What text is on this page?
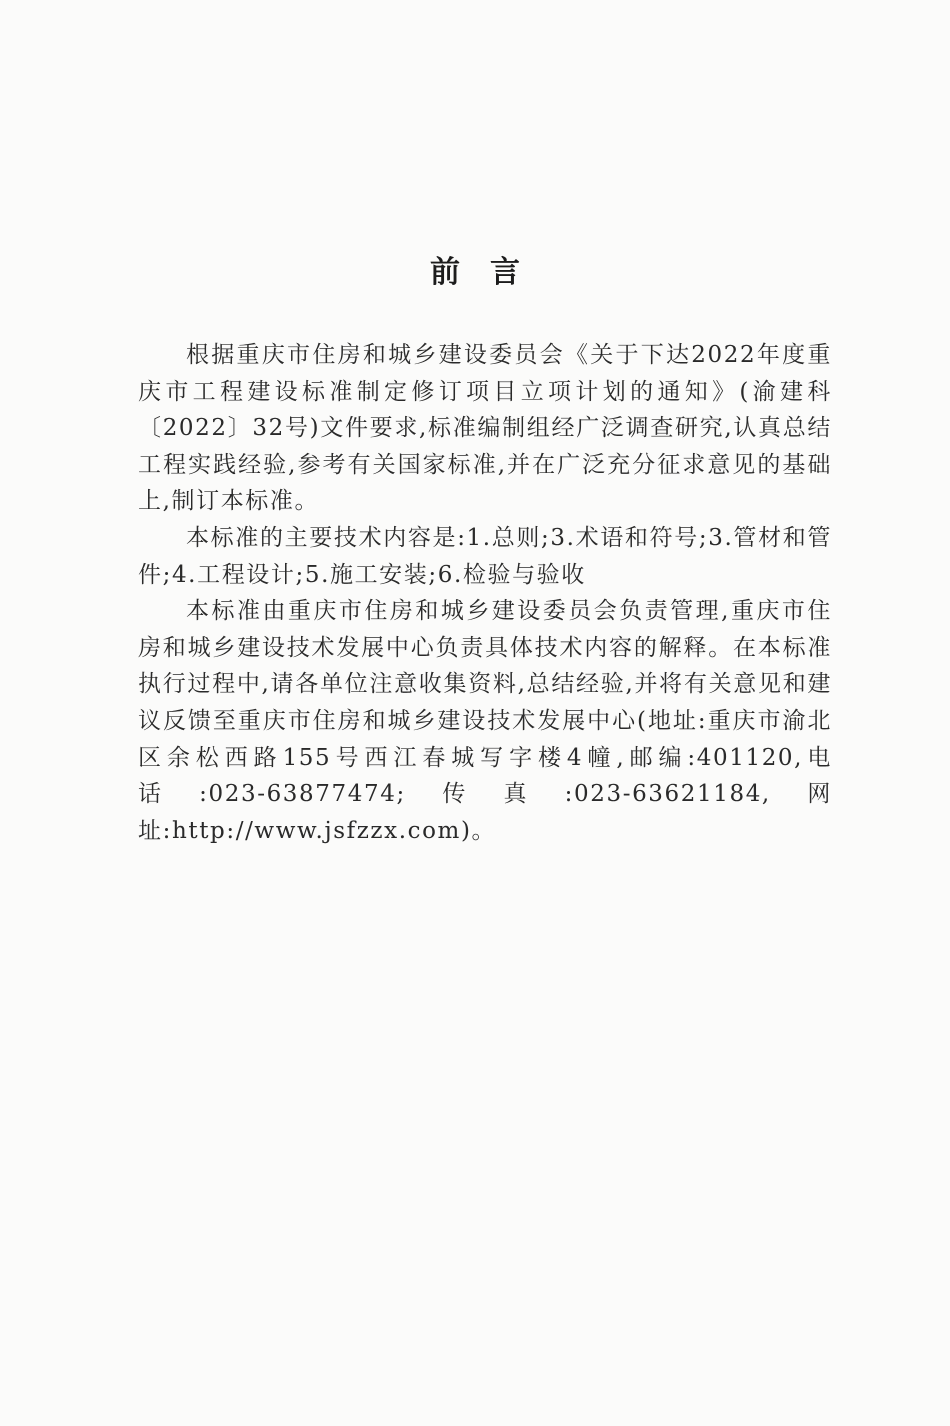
前言

根据重庆市住房和城乡建设委员会《关于下达2022年度重庆市工程建设标准制定修订项目立项计划的通知》(渝建科〔2022〕32号)文件要求,标准编制组经广泛调查研究,认真总结工程实践经验,参考有关国家标准,并在广泛充分征求意见的基础上,制订本标准。

本标准的主要技术内容是:1.总则;3.术语和符号;3.管材和管件;4.工程设计;5.施工安装;6.检验与验收

本标准由重庆市住房和城乡建设委员会负责管理,重庆市住房和城乡建设技术发展中心负责具体技术内容的解释。在本标准执行过程中,请各单位注意收集资料,总结经验,并将有关意见和建议反馈至重庆市住房和城乡建设技术发展中心(地址:重庆市渝北区余松西路155号西江春城写字楼4幢,邮编:401120,电话:023-63877474;传真:023-63621184,网址:http://www.jsfzzx.com)。
